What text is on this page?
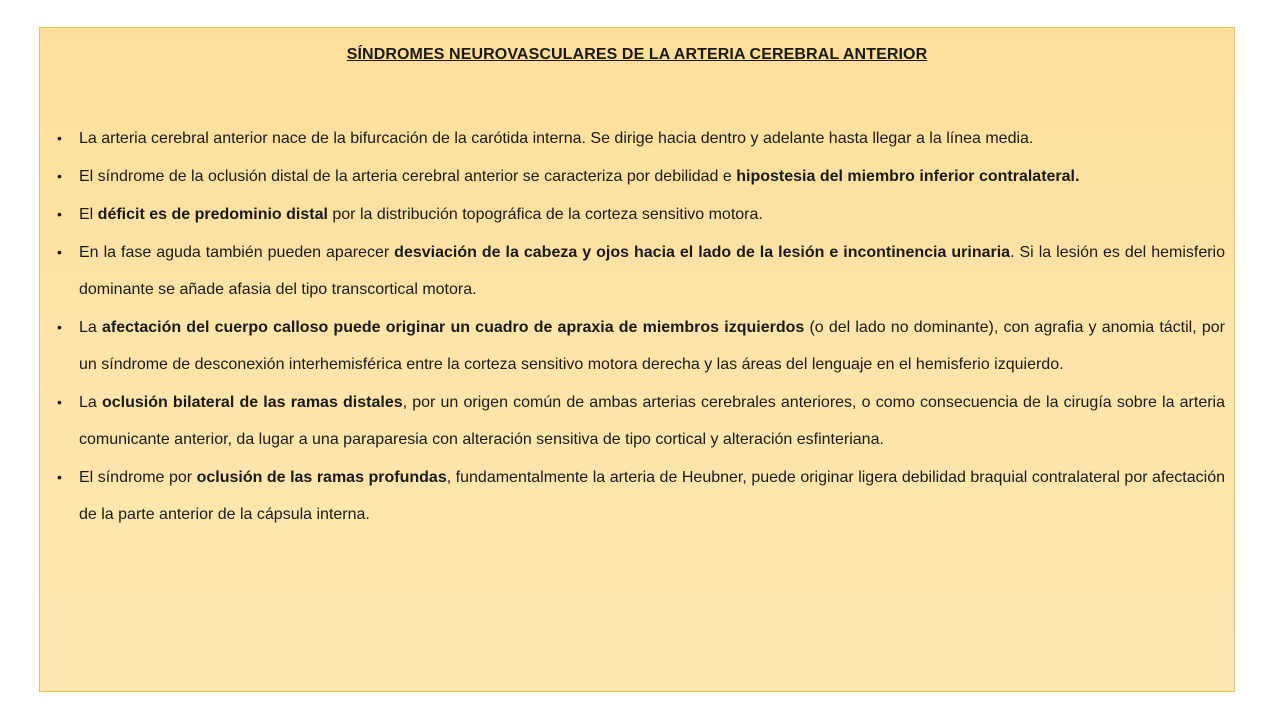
SÍNDROMES NEUROVASCULARES DE LA ARTERIA CEREBRAL ANTERIOR
• La arteria cerebral anterior nace de la bifurcación de la carótida interna. Se dirige hacia dentro y adelante hasta llegar a la línea media.
• El síndrome de la oclusión distal de la arteria cerebral anterior se caracteriza por debilidad e hipostesia del miembro inferior contralateral.
• El déficit es de predominio distal por la distribución topográfica de la corteza sensitivo motora.
• En la fase aguda también pueden aparecer desviación de la cabeza y ojos hacia el lado de la lesión e incontinencia urinaria. Si la lesión es del hemisferio dominante se añade afasia del tipo transcortical motora.
• La afectación del cuerpo calloso puede originar un cuadro de apraxia de miembros izquierdos (o del lado no dominante), con agrafia y anomia táctil, por un síndrome de desconexión interhemisférica entre la corteza sensitivo motora derecha y las áreas del lenguaje en el hemisferio izquierdo.
• La oclusión bilateral de las ramas distales, por un origen común de ambas arterias cerebrales anteriores, o como consecuencia de la cirugía sobre la arteria comunicante anterior, da lugar a una paraparesia con alteración sensitiva de tipo cortical y alteración esfinteriana.
• El síndrome por oclusión de las ramas profundas, fundamentalmente la arteria de Heubner, puede originar ligera debilidad braquial contralateral por afectación de la parte anterior de la cápsula interna.
